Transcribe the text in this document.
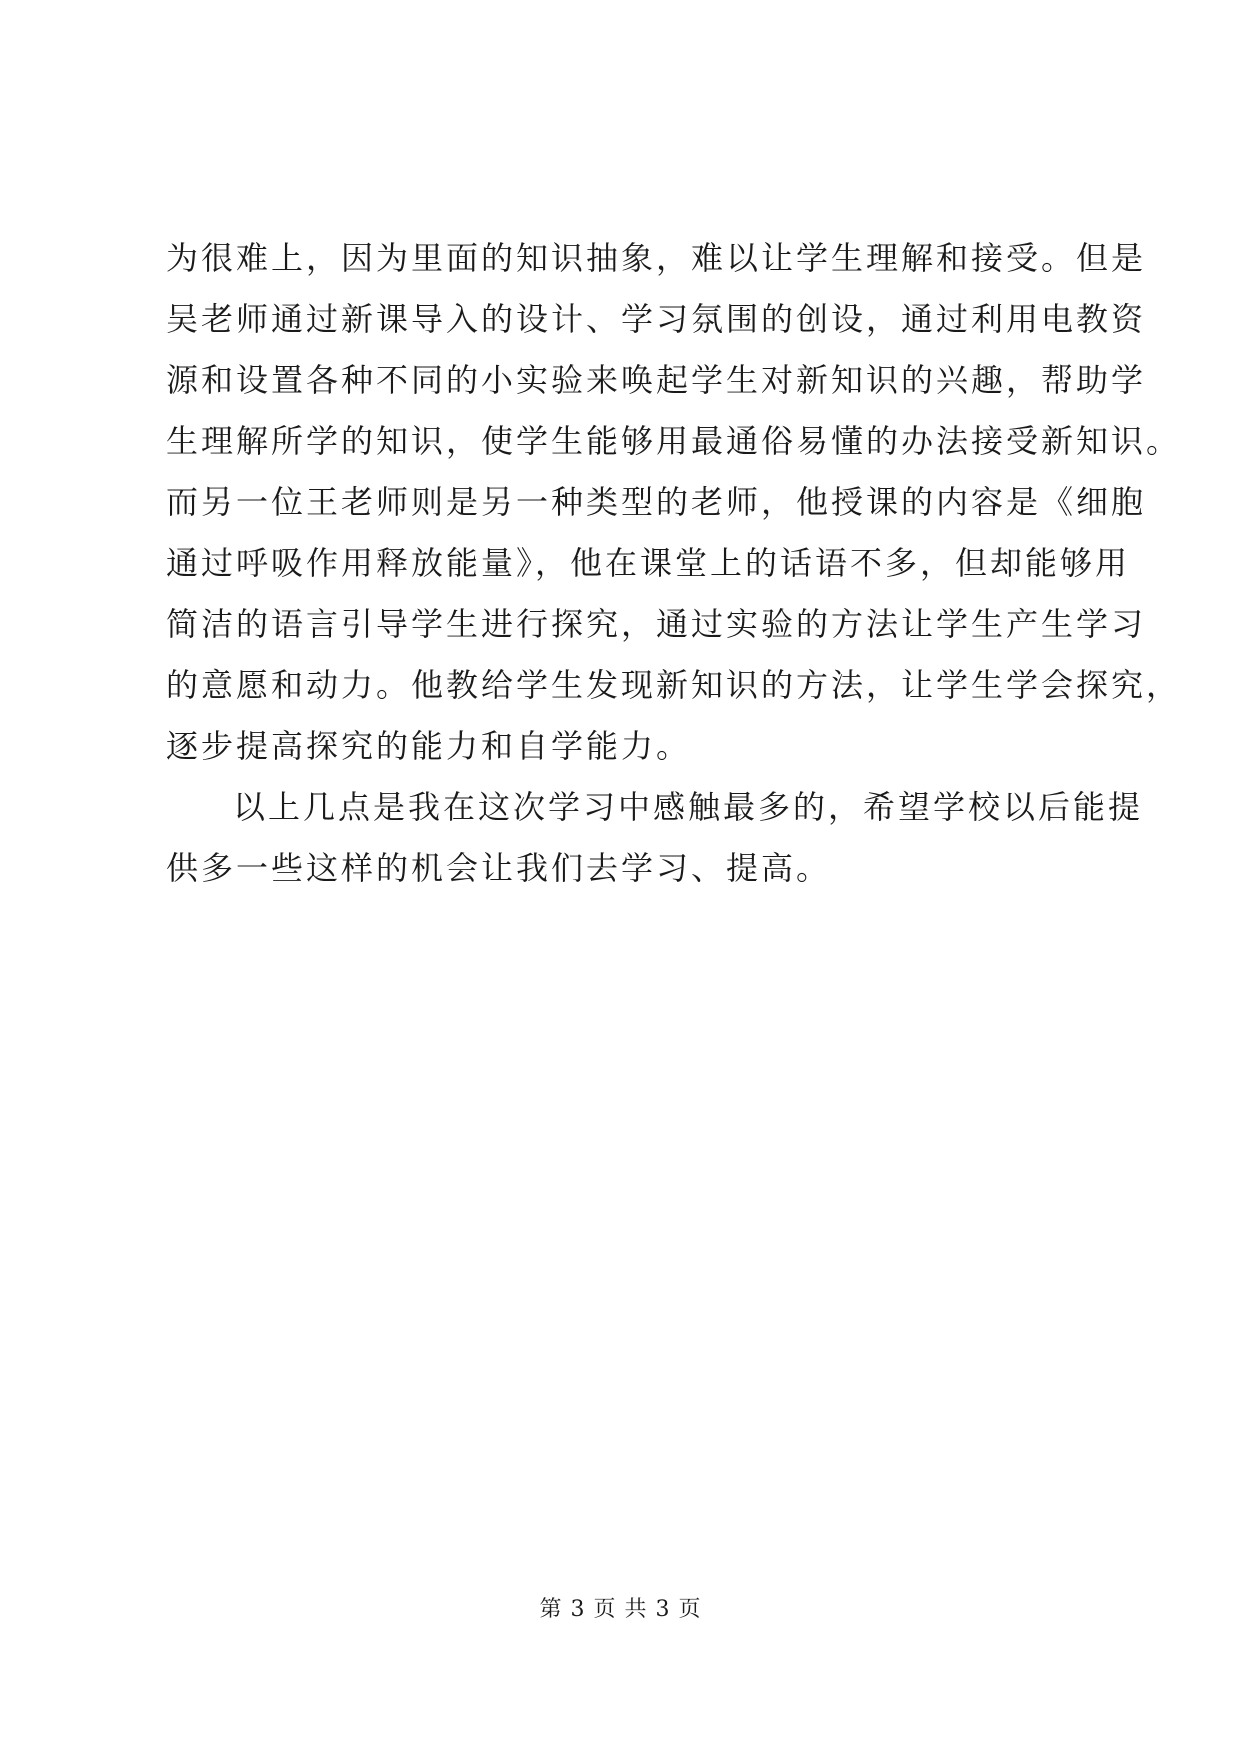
为很难上，因为里面的知识抽象，难以让学生理解和接受。但是
吴老师通过新课导入的设计、学习氛围的创设，通过利用电教资
源和设置各种不同的小实验来唤起学生对新知识的兴趣，帮助学
生理解所学的知识，使学生能够用最通俗易懂的办法接受新知识。
而另一位王老师则是另一种类型的老师，他授课的内容是《细胞
通过呼吸作用释放能量》，他在课堂上的话语不多，但却能够用
简洁的语言引导学生进行探究，通过实验的方法让学生产生学习
的意愿和动力。他教给学生发现新知识的方法，让学生学会探究，
逐步提高探究的能力和自学能力。
以上几点是我在这次学习中感触最多的，希望学校以后能提
供多一些这样的机会让我们去学习、提高。
第 3 页 共 3 页
